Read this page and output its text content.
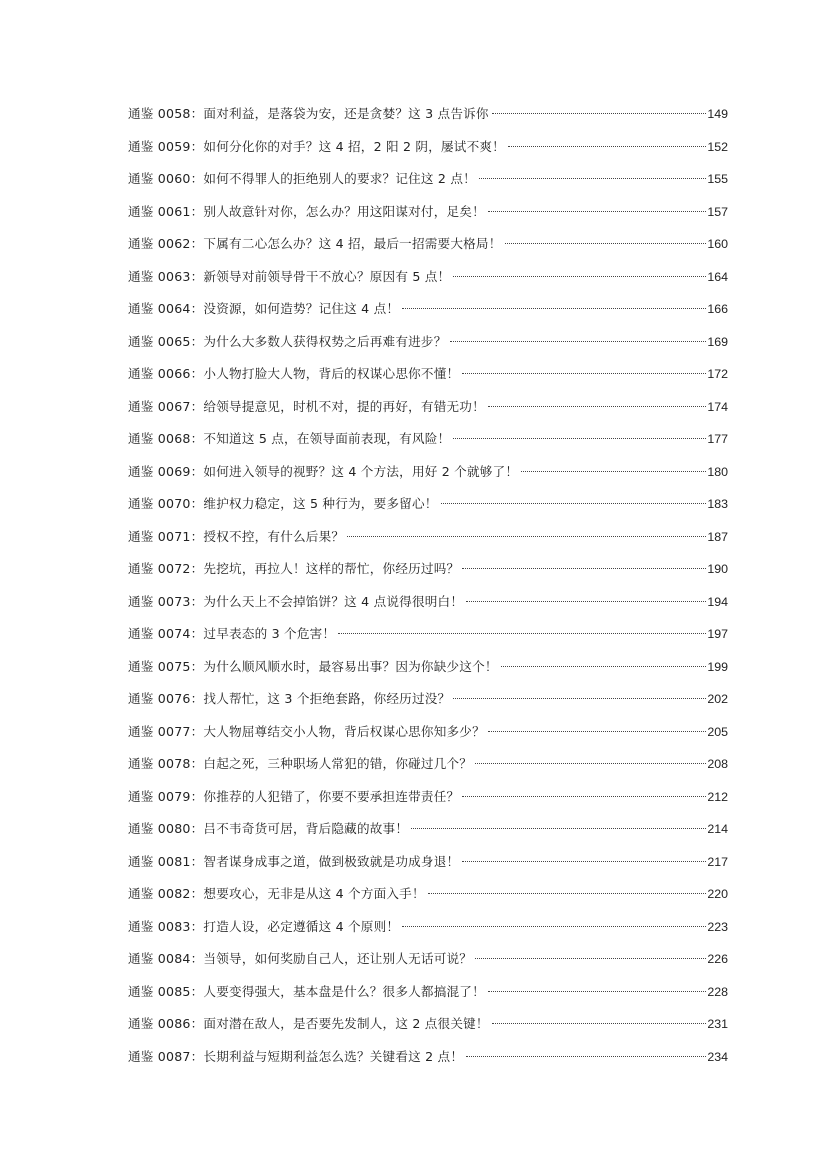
通鉴 0058：面对利益，是落袋为安，还是贪婪？这 3 点告诉你	149
通鉴 0059：如何分化你的对手？这 4 招，2 阳 2 阴，屡试不爽！	152
通鉴 0060：如何不得罪人的拒绝别人的要求？记住这 2 点！	155
通鉴 0061：别人故意针对你，怎么办？用这阳谋对付，足矣！	157
通鉴 0062：下属有二心怎么办？这 4 招，最后一招需要大格局！	160
通鉴 0063：新领导对前领导骨干不放心？原因有 5 点！	164
通鉴 0064：没资源，如何造势？记住这 4 点！	166
通鉴 0065：为什么大多数人获得权势之后再难有进步？	169
通鉴 0066：小人物打脸大人物，背后的权谋心思你不懂！	172
通鉴 0067：给领导提意见，时机不对，提的再好，有错无功！	174
通鉴 0068：不知道这 5 点，在领导面前表现，有风险！	177
通鉴 0069：如何进入领导的视野？这 4 个方法，用好 2 个就够了！	180
通鉴 0070：维护权力稳定，这 5 种行为，要多留心！	183
通鉴 0071：授权不控，有什么后果？	187
通鉴 0072：先挖坑，再拉人！这样的帮忙，你经历过吗？	190
通鉴 0073：为什么天上不会掉馅饼？这 4 点说得很明白！	194
通鉴 0074：过早表态的 3 个危害！	197
通鉴 0075：为什么顺风顺水时，最容易出事？因为你缺少这个！	199
通鉴 0076：找人帮忙，这 3 个拒绝套路，你经历过没？	202
通鉴 0077：大人物屈尊结交小人物，背后权谋心思你知多少？	205
通鉴 0078：白起之死，三种职场人常犯的错，你碰过几个？	208
通鉴 0079：你推荐的人犯错了，你要不要承担连带责任？	212
通鉴 0080：吕不韦奇货可居，背后隐藏的故事！	214
通鉴 0081：智者谋身成事之道，做到极致就是功成身退！	217
通鉴 0082：想要攻心，无非是从这 4 个方面入手！	220
通鉴 0083：打造人设，必定遵循这 4 个原则！	223
通鉴 0084：当领导，如何奖励自己人，还让别人无话可说？	226
通鉴 0085：人要变得强大，基本盘是什么？很多人都搞混了！	228
通鉴 0086：面对潜在敌人，是否要先发制人，这 2 点很关键！	231
通鉴 0087：长期利益与短期利益怎么选？关键看这 2 点！	234
